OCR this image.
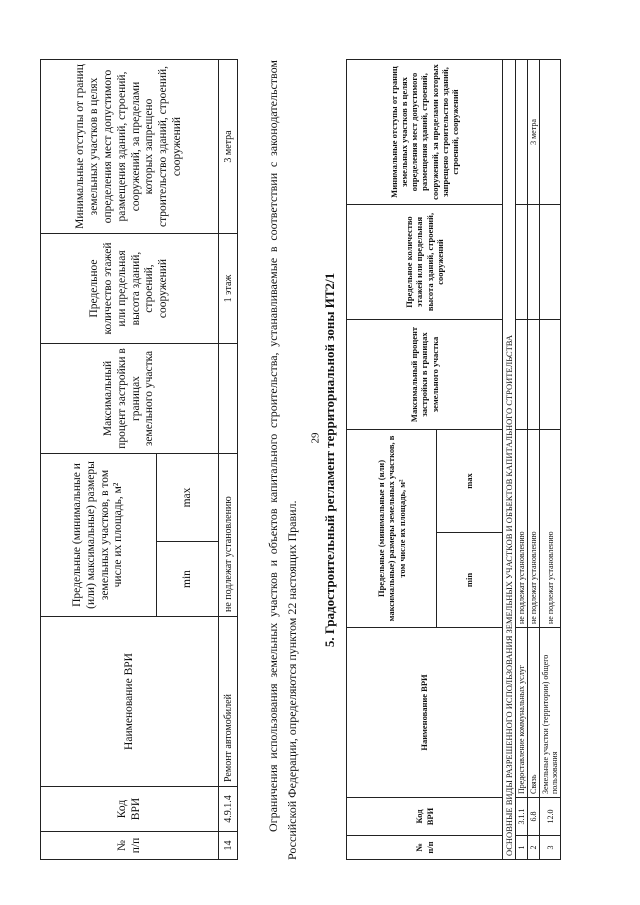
29
№ п/п	Код ВРИ	Наименование ВРИ	Предельные (минимальные и (или) максимальные) размеры земельных участков, в том числе их площадь, м²		Максимальный процент застройки в границах земельного участка	Предельное количество этажей или предельная высота зданий, строений, сооружений	Минимальные отступы от границ земельных участков в целях определения мест допустимого размещения зданий, строений, сооружений, за пределами которых запрещено строительство зданий, строений, сооружений
			min	max			
14	4.9.1.4	Ремонт автомобилей	не подлежат установлению			1 этаж	3 метра	Ограничения использования земельных участков и объектов капитального строительства, устанавливаемые в соответствии с законодательством Российской Федерации, определяются пунктом 22 настоящих Правил.
5. Градостроительный регламент территориальной зоны ИТ2/1
№ п/п	Код ВРИ	Наименование ВРИ	Предельные (минимальные и (или) максимальные) размеры земельных участков, в том числе их площадь, м²		Максимальный процент застройки в границах земельного участка	Предельное количество этажей или предельная высота зданий, строений, сооружений	Минимальные отступы от границ земельных участков в целях определения мест допустимого размещения зданий, строений, сооружений, за пределами которых запрещено строительство зданий, строений, сооружений
			min	max			
ОСНОВНЫЕ ВИДЫ РАЗРЕШЕННОГО ИСПОЛЬЗОВАНИЯ ЗЕМЕЛЬНЫХ УЧАСТКОВ И ОБЪЕКТОВ КАПИТАЛЬНОГО СТРОИТЕЛЬСТВА							
1	3.1.1	Предоставление коммунальных услуг	не подлежат установлению				
2	6.8	Связь	не подлежат установлению				3 метра
3	12.0	Земельные участки (территории) общего пользования	не подлежат установлению				
